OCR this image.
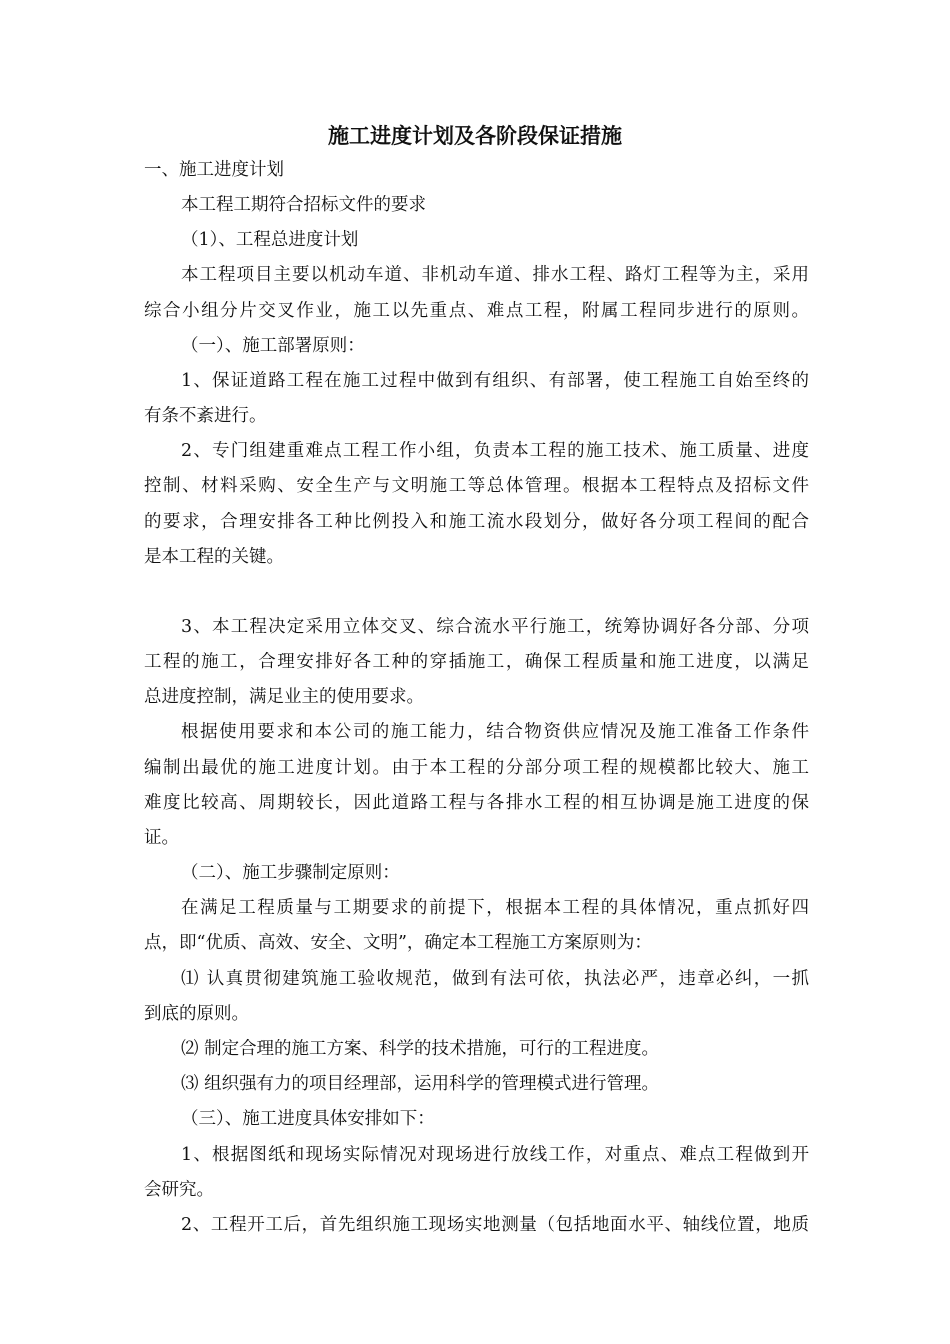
施工进度计划及各阶段保证措施

一、施工进度计划

本工程工期符合招标文件的要求

（1）、工程总进度计划

本工程项目主要以机动车道、非机动车道、排水工程、路灯工程等为主，采用

综合小组分片交叉作业，施工以先重点、难点工程，附属工程同步进行的原则。

（一）、施工部署原则：

1、保证道路工程在施工过程中做到有组织、有部署，使工程施工自始至终的

有条不紊进行。

2、专门组建重难点工程工作小组，负责本工程的施工技术、施工质量、进度

控制、材料采购、安全生产与文明施工等总体管理。根据本工程特点及招标文件

的要求，合理安排各工种比例投入和施工流水段划分，做好各分项工程间的配合

是本工程的关键。

3、本工程决定采用立体交叉、综合流水平行施工，统筹协调好各分部、分项

工程的施工，合理安排好各工种的穿插施工，确保工程质量和施工进度，以满足

总进度控制，满足业主的使用要求。

根据使用要求和本公司的施工能力，结合物资供应情况及施工准备工作条件

编制出最优的施工进度计划。由于本工程的分部分项工程的规模都比较大、施工

难度比较高、周期较长，因此道路工程与各排水工程的相互协调是施工进度的保

证。

（二）、施工步骤制定原则：

在满足工程质量与工期要求的前提下，根据本工程的具体情况，重点抓好四

点，即“优质、高效、安全、文明”，确定本工程施工方案原则为：

⑴ 认真贯彻建筑施工验收规范，做到有法可依，执法必严，违章必纠，一抓

到底的原则。

⑵ 制定合理的施工方案、科学的技术措施，可行的工程进度。

⑶ 组织强有力的项目经理部，运用科学的管理模式进行管理。

（三）、施工进度具体安排如下：

1、根据图纸和现场实际情况对现场进行放线工作，对重点、难点工程做到开

会研究。

2、工程开工后，首先组织施工现场实地测量（包括地面水平、轴线位置，地质
